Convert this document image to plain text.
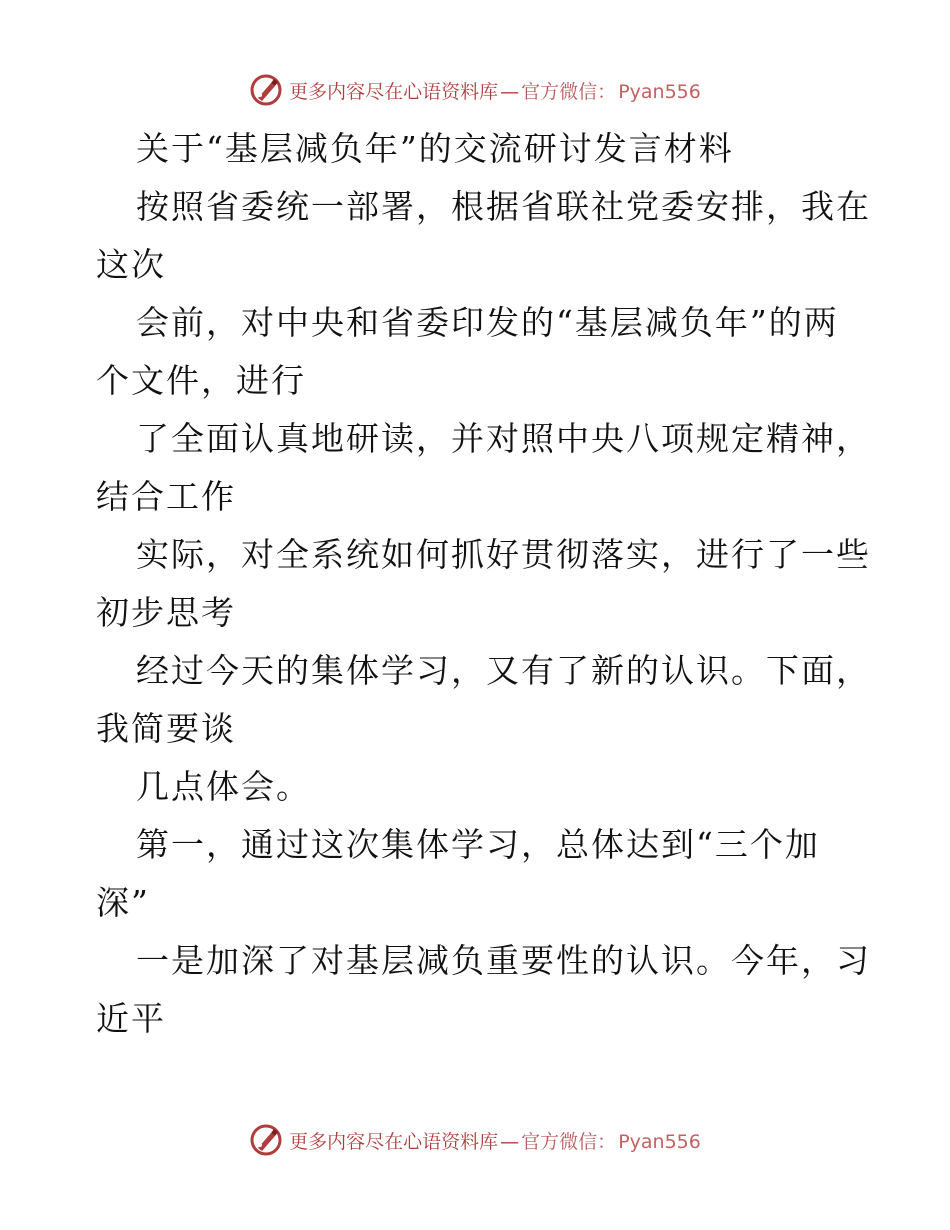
更多内容尽在心语资料库 — 官方微信： Pyan556
关于“基层减负年”的交流研讨发言材料
按照省委统一部署，根据省联社党委安排，我在
这次
会前，对中央和省委印发的“基层减负年”的两
个文件，进行
了全面认真地研读，并对照中央八项规定精神，
结合工作
实际，对全系统如何抓好贯彻落实，进行了一些
初步思考
经过今天的集体学习，又有了新的认识。下面，
我简要谈
几点体会。
第一，通过这次集体学习，总体达到“三个加
深”
一是加深了对基层减负重要性的认识。今年，习
近平
更多内容尽在心语资料库 — 官方微信： Pyan556
